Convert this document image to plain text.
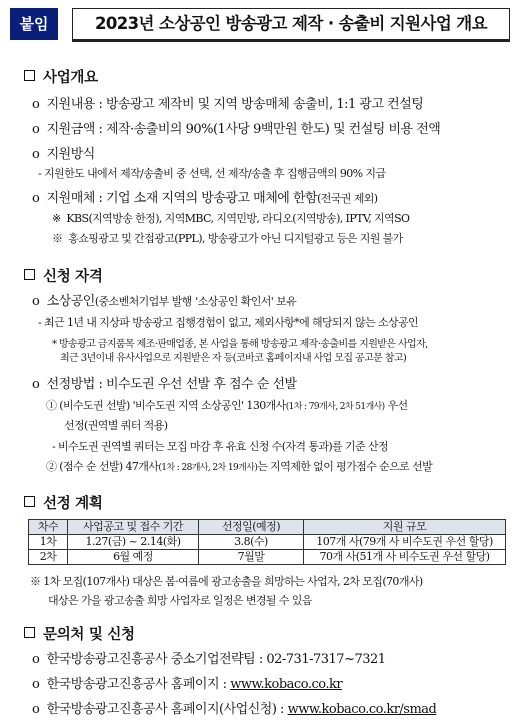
붙임	2023년 소상공인 방송광고 제작 · 송출비 지원사업 개요
사업개요
o 지원내용 : 방송광고 제작비 및 지역 방송매체 송출비, 1:1 광고 컨설팅
o 지원금액 : 제작·송출비의 90%(1사당 9백만원 한도) 및 컨설팅 비용 전액
o 지원방식
- 지원한도 내에서 제작/송출비 중 선택, 선 제작/송출 후 집행금액의 90% 지급
o 지원매체 : 기업 소재 지역의 방송광고 매체에 한함(전국권 제외)
※ KBS(지역방송 한정), 지역MBC, 지역민방, 라디오(지역방송), IPTV, 지역SO
※ 홍쇼핑광고 및 간접광고(PPL), 방송광고가 아닌 디지털광고 등은 지원 불가
신청 자격
o 소상공인(중소벤처기업부 발행 '소상공인 확인서' 보유
- 최근 1년 내 지상파 방송광고 집행경험이 없고, 제외사항*에 해당되지 않는 소상공인
* 방송광고 금지품목 제조·판매업종, 본 사업을 통해 방송광고 제작·송출비를 지원받은 사업자,
최근 3년이내 유사사업으로 지원받은 자 등(코바코 홈페이지내 사업 모집 공고문 참고)
o 선정방법 : 비수도권 우선 선발 후 점수 순 선발
① (비수도권 선발) '비수도권 지역 소상공인' 130개사(1차 : 79개사, 2차 51개사) 우선
선정(권역별 쿼터 적용)
- 비수도권 권역별 쿼터는 모집 마감 후 유효 신청 수(자격 통과)를 기준 산정
② (점수 순 선발) 47개사(1차 : 28개사, 2차 19개사)는 지역제한 없이 평가점수 순으로 선발
선정 계획
차수	사업공고 및 접수 기간	선정일(예정)	지원 규모
1차	1.27(금) ~ 2.14(화)	3.8(수)	107개 사(79개 사 비수도권 우선 할당)
2차	6월 예정	7월말	70개 사(51개 사 비수도권 우선 할당)
※ 1차 모집(107개사) 대상은 봄·여름에 광고송출을 희망하는 사업자, 2차 모집(70개사)
대상은 가을 광고송출 희망 사업자로 일정은 변경될 수 있음
문의처 및 신청
o 한국방송광고진흥공사 중소기업전략팀 : 02-731-7317~7321
o 한국방송광고진흥공사 홈페이지 : www.kobaco.co.kr
o 한국방송광고진흥공사 홈페이지(사업신청) : www.kobaco.co.kr/smad
